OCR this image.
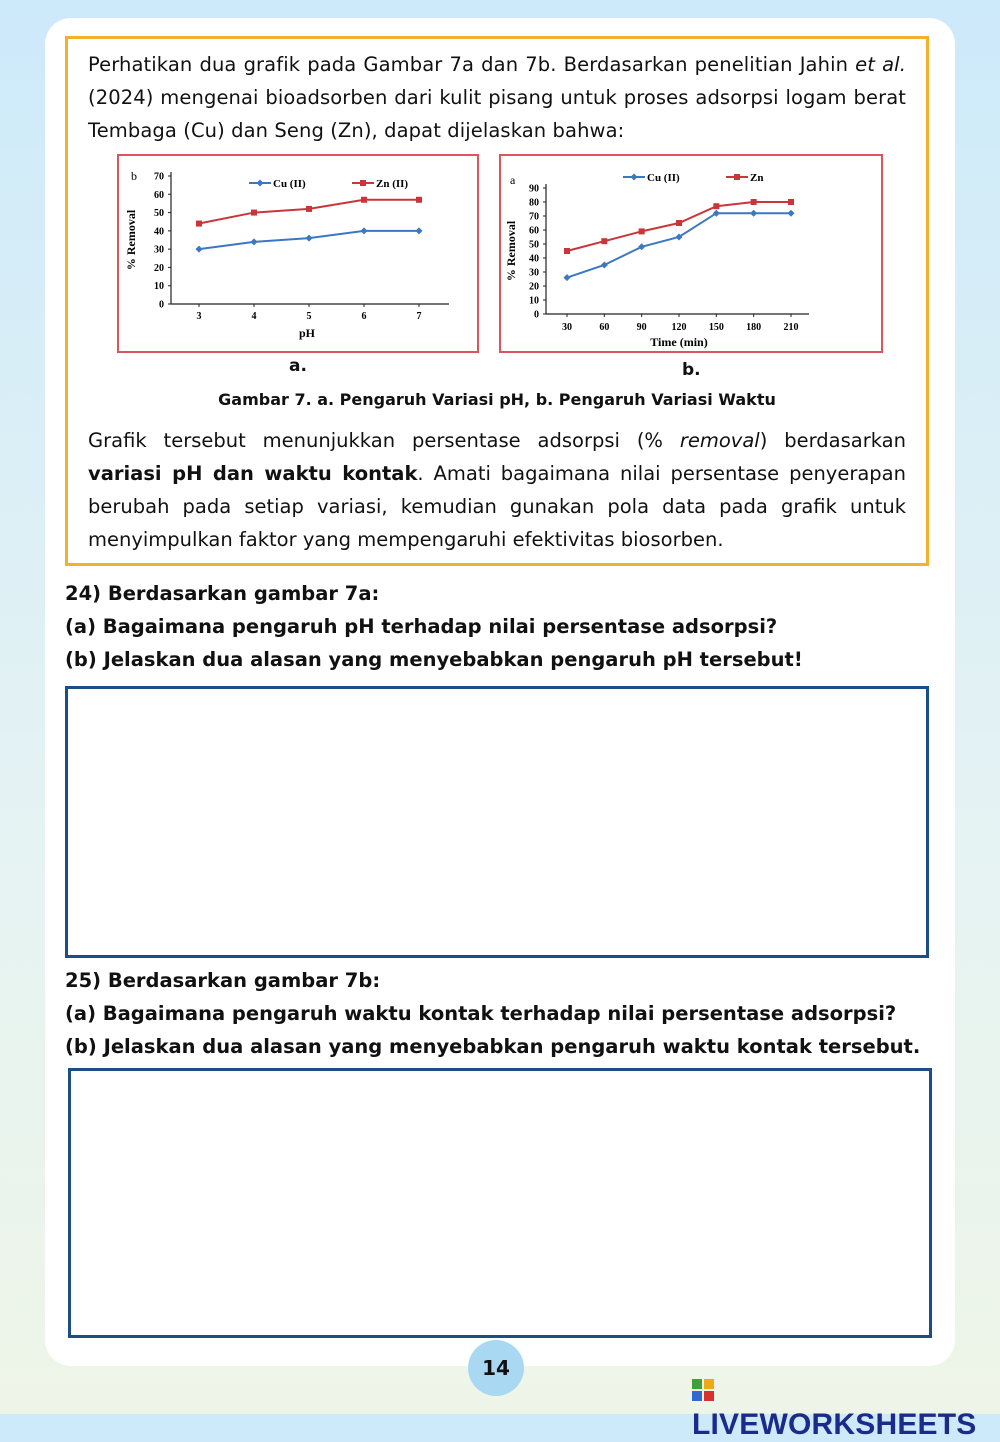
Perhatikan dua grafik pada Gambar 7a dan 7b. Berdasarkan penelitian Jahin et al. (2024) mengenai bioadsorben dari kulit pisang untuk proses adsorpsi logam berat Tembaga (Cu) dan Seng (Zn), dapat dijelaskan bahwa:

0
10
20
30
40
50
60
70
3	4	5	6	7
pH
% Removal
b
Cu (II)	Zn (II)
0
10
20
30
40
50
60
70
80
90
30	60	90 120 150 180 210
Time (min)
% Removal
a	Cu (II)	Zn
a.	b.
Gambar 7. a. Pengaruh Variasi pH, b. Pengaruh Variasi Waktu

Grafik tersebut menunjukkan persentase adsorpsi (% removal) berdasarkan variasi pH dan waktu kontak. Amati bagaimana nilai persentase penyerapan berubah pada setiap variasi, kemudian gunakan pola data pada grafik untuk menyimpulkan faktor yang mempengaruhi efektivitas biosorben.

24) Berdasarkan gambar 7a:
(a) Bagaimana pengaruh pH terhadap nilai persentase adsorpsi?
(b) Jelaskan dua alasan yang menyebabkan pengaruh pH tersebut!
25) Berdasarkan gambar 7b:
(a) Bagaimana pengaruh waktu kontak terhadap nilai persentase adsorpsi?
(b) Jelaskan dua alasan yang menyebabkan pengaruh waktu kontak tersebut.
14
LIVEWORKSHEETS
